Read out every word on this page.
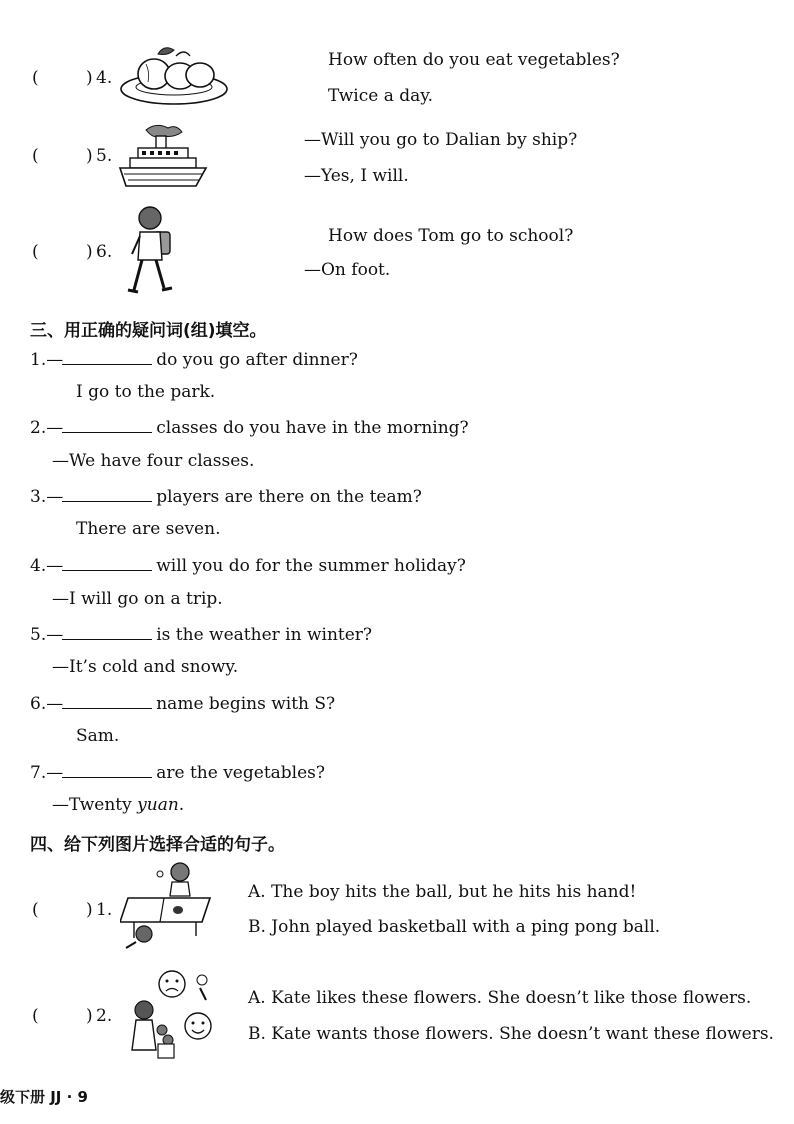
(	) 4.
How often do you eat vegetables?
Twice a day.
(	) 5.
—Will you go to Dalian by ship?
—Yes, I will.
(	) 6.
How does Tom go to school?
—On foot.
三、用正确的疑问词(组)填空。
1.—	do you go after dinner?
I go to the park.
2.—	classes do you have in the morning?
—We have four classes.
3.—	players are there on the team?
There are seven.
4.—	will you do for the summer holiday?
—I will go on a trip.
5.—	is the weather in winter?
—It’s cold and snowy.
6.—	name begins with S?
Sam.
7.—	are the vegetables?
—Twenty yuan.
四、给下列图片选择合适的句子。
(	) 1.
A. The boy hits the ball, but he hits his hand!
B. John played basketball with a ping pong ball.
(	) 2.
A. Kate likes these flowers. She doesn’t like those flowers.
B. Kate wants those flowers. She doesn’t want these flowers.
级下册 JJ · 9
